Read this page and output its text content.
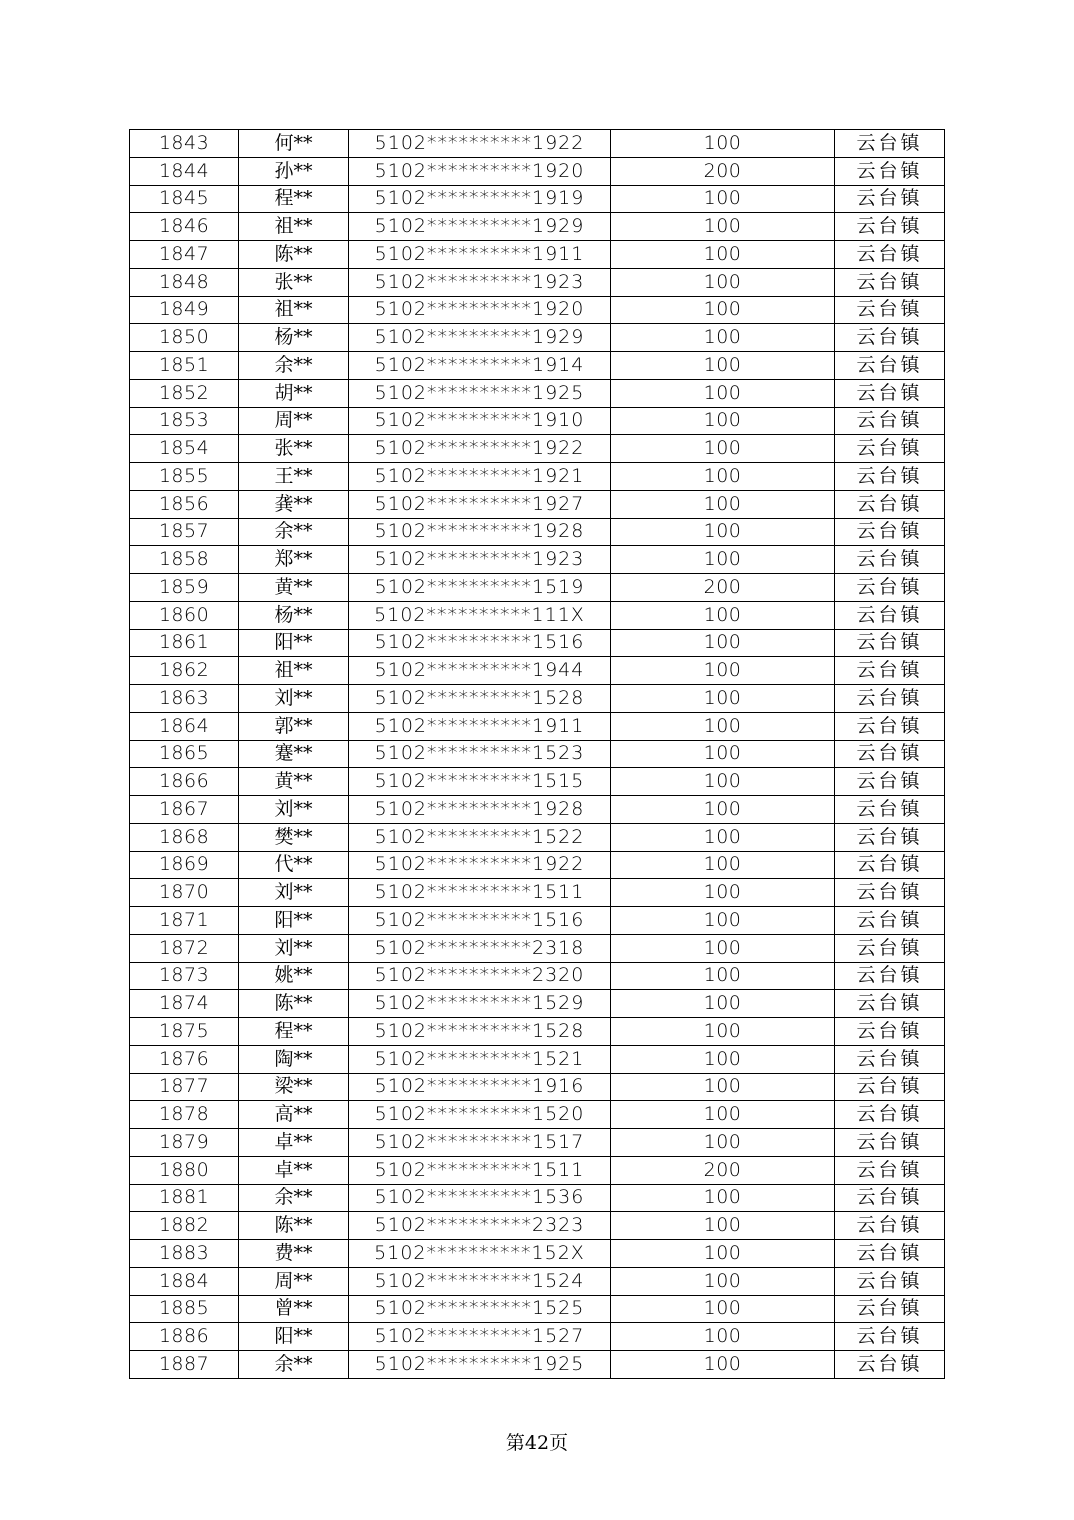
1843	何**	5102**********1922	100	云台镇
1844	孙**	5102**********1920	200	云台镇
1845	程**	5102**********1919	100	云台镇
1846	祖**	5102**********1929	100	云台镇
1847	陈**	5102**********1911	100	云台镇
1848	张**	5102**********1923	100	云台镇
1849	祖**	5102**********1920	100	云台镇
1850	杨**	5102**********1929	100	云台镇
1851	余**	5102**********1914	100	云台镇
1852	胡**	5102**********1925	100	云台镇
1853	周**	5102**********1910	100	云台镇
1854	张**	5102**********1922	100	云台镇
1855	王**	5102**********1921	100	云台镇
1856	龚**	5102**********1927	100	云台镇
1857	余**	5102**********1928	100	云台镇
1858	郑**	5102**********1923	100	云台镇
1859	黄**	5102**********1519	200	云台镇
1860	杨**	5102**********111X	100	云台镇
1861	阳**	5102**********1516	100	云台镇
1862	祖**	5102**********1944	100	云台镇
1863	刘**	5102**********1528	100	云台镇
1864	郭**	5102**********1911	100	云台镇
1865	蹇**	5102**********1523	100	云台镇
1866	黄**	5102**********1515	100	云台镇
1867	刘**	5102**********1928	100	云台镇
1868	樊**	5102**********1522	100	云台镇
1869	代**	5102**********1922	100	云台镇
1870	刘**	5102**********1511	100	云台镇
1871	阳**	5102**********1516	100	云台镇
1872	刘**	5102**********2318	100	云台镇
1873	姚**	5102**********2320	100	云台镇
1874	陈**	5102**********1529	100	云台镇
1875	程**	5102**********1528	100	云台镇
1876	陶**	5102**********1521	100	云台镇
1877	梁**	5102**********1916	100	云台镇
1878	高**	5102**********1520	100	云台镇
1879	卓**	5102**********1517	100	云台镇
1880	卓**	5102**********1511	200	云台镇
1881	余**	5102**********1536	100	云台镇
1882	陈**	5102**********2323	100	云台镇
1883	费**	5102**********152X	100	云台镇
1884	周**	5102**********1524	100	云台镇
1885	曾**	5102**********1525	100	云台镇
1886	阳**	5102**********1527	100	云台镇
1887	余**	5102**********1925	100	云台镇
第42页
